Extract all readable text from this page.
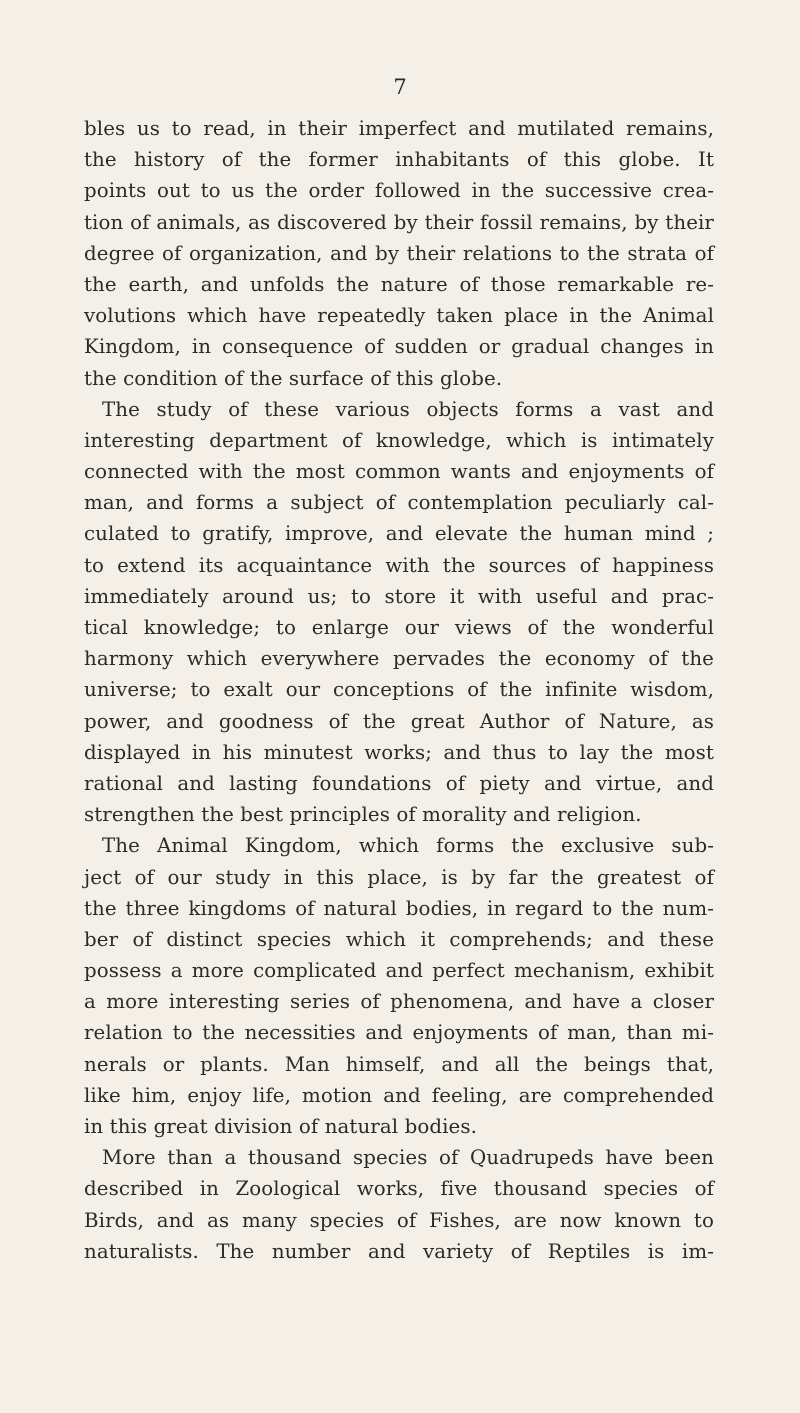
7
bles us to read, in their imperfect and mutilated remains,
the history of the former inhabitants of this globe. It
points out to us the order followed in the successive crea-
tion of animals, as discovered by their fossil remains, by their
degree of organization, and by their relations to the strata of
the earth, and unfolds the nature of those remarkable re-
volutions which have repeatedly taken place in the Animal
Kingdom, in consequence of sudden or gradual changes in
the condition of the surface of this globe.
The study of these various objects forms a vast and
interesting department of knowledge, which is intimately
connected with the most common wants and enjoyments of
man, and forms a subject of contemplation peculiarly cal-
culated to gratify, improve, and elevate the human mind ;
to extend its acquaintance with the sources of happiness
immediately around us; to store it with useful and prac-
tical knowledge; to enlarge our views of the wonderful
harmony which everywhere pervades the economy of the
universe; to exalt our conceptions of the infinite wisdom,
power, and goodness of the great Author of Nature, as
displayed in his minutest works; and thus to lay the most
rational and lasting foundations of piety and virtue, and
strengthen the best principles of morality and religion.
The Animal Kingdom, which forms the exclusive sub-
ject of our study in this place, is by far the greatest of
the three kingdoms of natural bodies, in regard to the num-
ber of distinct species which it comprehends; and these
possess a more complicated and perfect mechanism, exhibit
a more interesting series of phenomena, and have a closer
relation to the necessities and enjoyments of man, than mi-
nerals or plants. Man himself, and all the beings that,
like him, enjoy life, motion and feeling, are comprehended
in this great division of natural bodies.
More than a thousand species of Quadrupeds have been
described in Zoological works, five thousand species of
Birds, and as many species of Fishes, are now known to
naturalists. The number and variety of Reptiles is im-
